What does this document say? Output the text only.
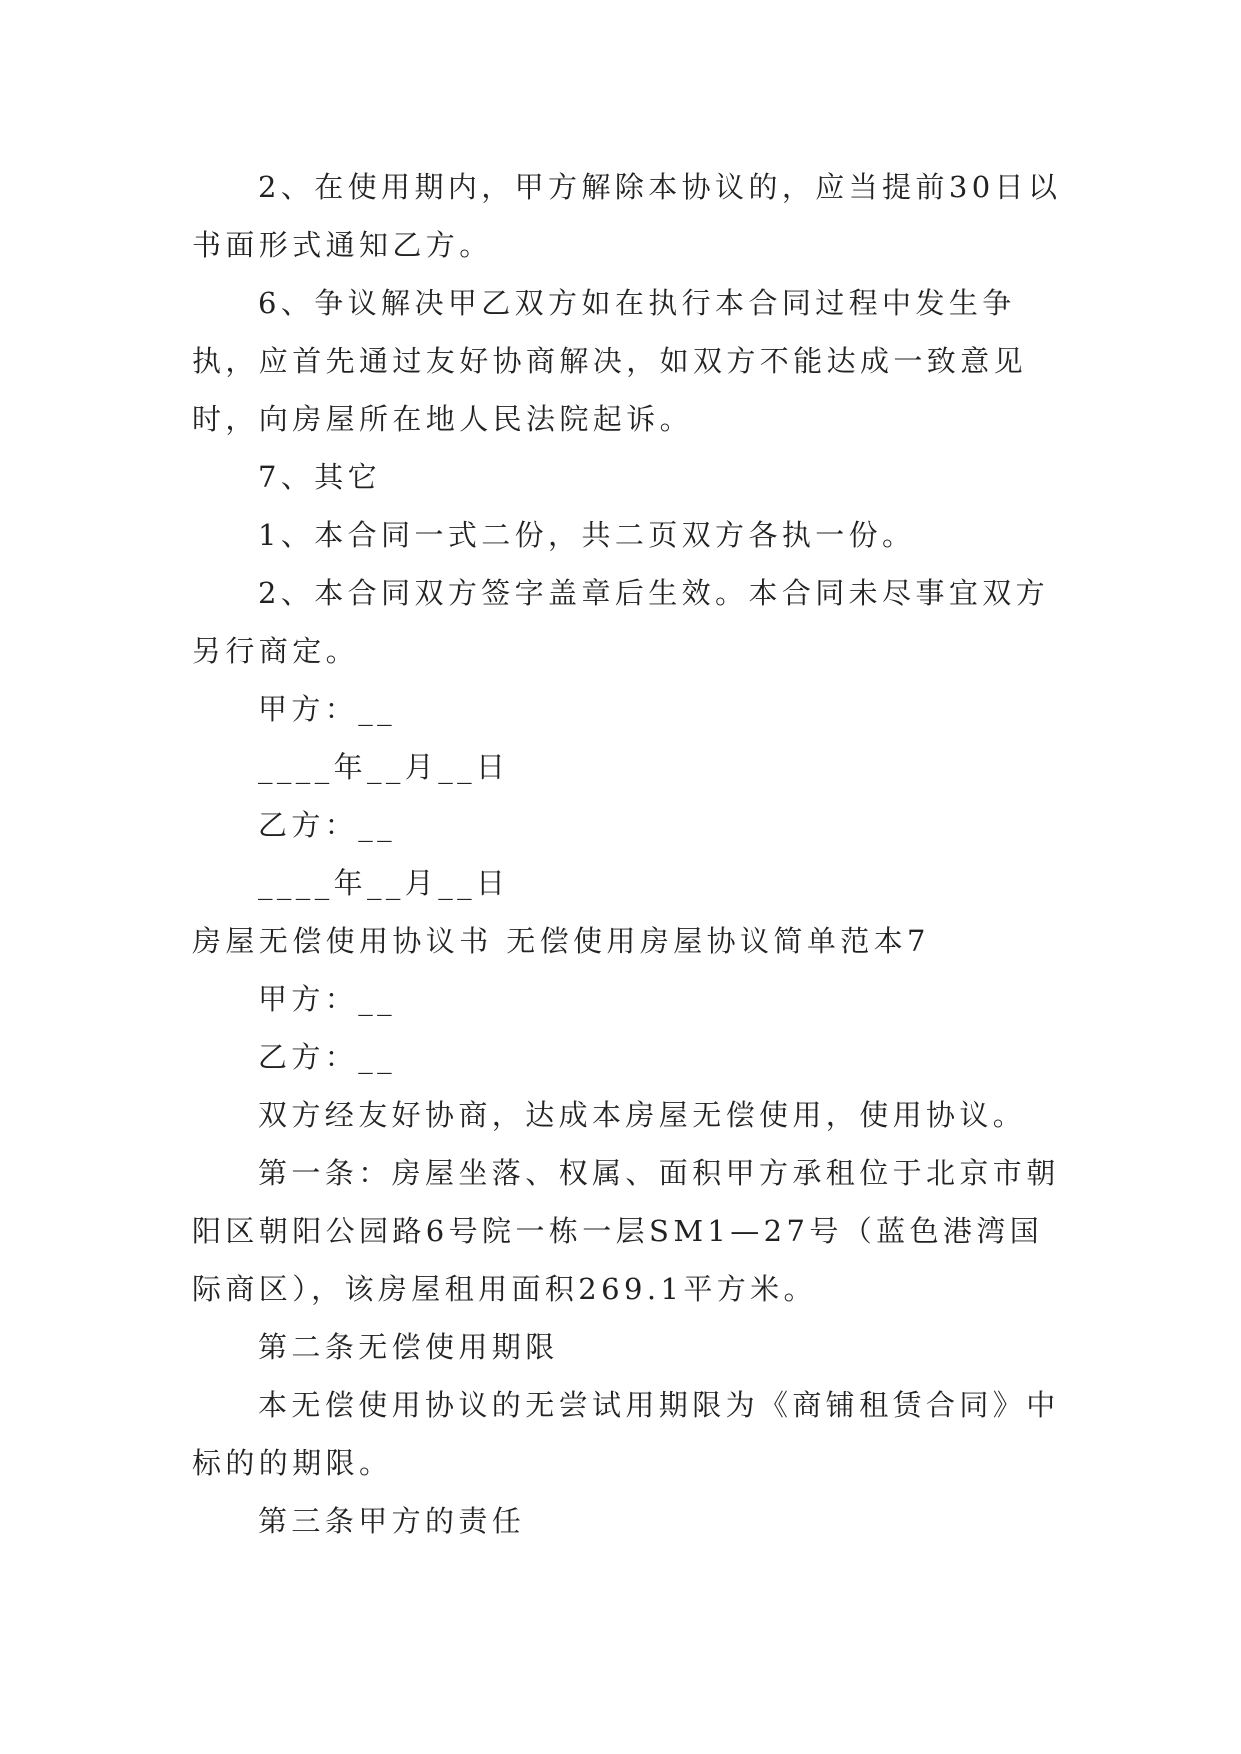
2、在使用期内，甲方解除本协议的，应当提前30日以书面形式通知乙方。

6、争议解决甲乙双方如在执行本合同过程中发生争执，应首先通过友好协商解决，如双方不能达成一致意见时，向房屋所在地人民法院起诉。

7、其它

1、本合同一式二份，共二页双方各执一份。

2、本合同双方签字盖章后生效。本合同未尽事宜双方另行商定。

甲方：__

____年__月__日

乙方：__

____年__月__日

房屋无偿使用协议书 无偿使用房屋协议简单范本7

甲方：__

乙方：__

双方经友好协商，达成本房屋无偿使用，使用协议。

第一条：房屋坐落、权属、面积甲方承租位于北京市朝阳区朝阳公园路6号院一栋一层SM1—27号（蓝色港湾国际商区），该房屋租用面积269.1平方米。

第二条无偿使用期限

本无偿使用协议的无尝试用期限为《商铺租赁合同》中标的的期限。

第三条甲方的责任
